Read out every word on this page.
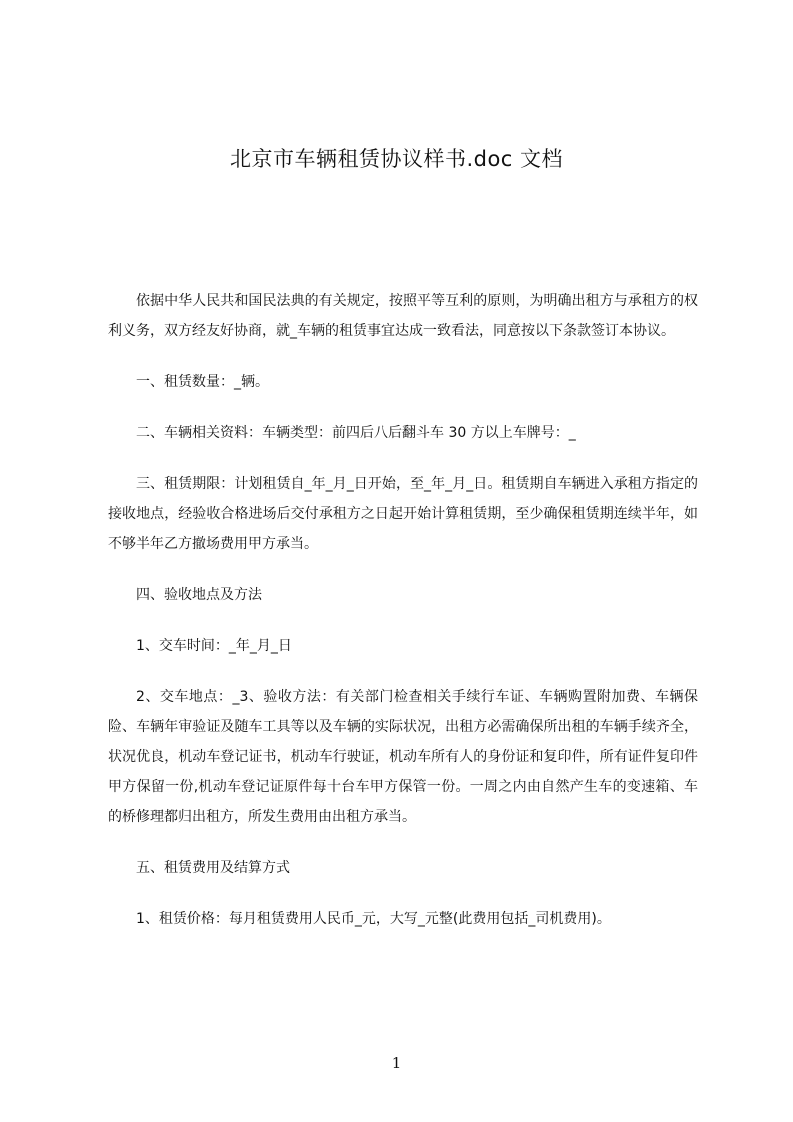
北京市车辆租赁协议样书.doc 文档

依据中华人民共和国民法典的有关规定，按照平等互利的原则，为明确出租方与承租方的权利义务，双方经友好协商，就_车辆的租赁事宜达成一致看法，同意按以下条款签订本协议。

一、租赁数量：_辆。

二、车辆相关资料：车辆类型：前四后八后翻斗车 30 方以上车牌号：_

三、租赁期限：计划租赁自_年_月_日开始，至_年_月_日。租赁期自车辆进入承租方指定的接收地点，经验收合格进场后交付承租方之日起开始计算租赁期，至少确保租赁期连续半年，如不够半年乙方撤场费用甲方承当。

四、验收地点及方法

1、交车时间：_年_月_日

2、交车地点：_3、验收方法：有关部门检查相关手续行车证、车辆购置附加费、车辆保险、车辆年审验证及随车工具等以及车辆的实际状况，出租方必需确保所出租的车辆手续齐全，状况优良，机动车登记证书，机动车行驶证，机动车所有人的身份证和复印件，所有证件复印件甲方保留一份,机动车登记证原件每十台车甲方保管一份。一周之内由自然产生车的变速箱、车的桥修理都归出租方，所发生费用由出租方承当。

五、租赁费用及结算方式

1、租赁价格：每月租赁费用人民币_元，大写_元整(此费用包括_司机费用)。

1
